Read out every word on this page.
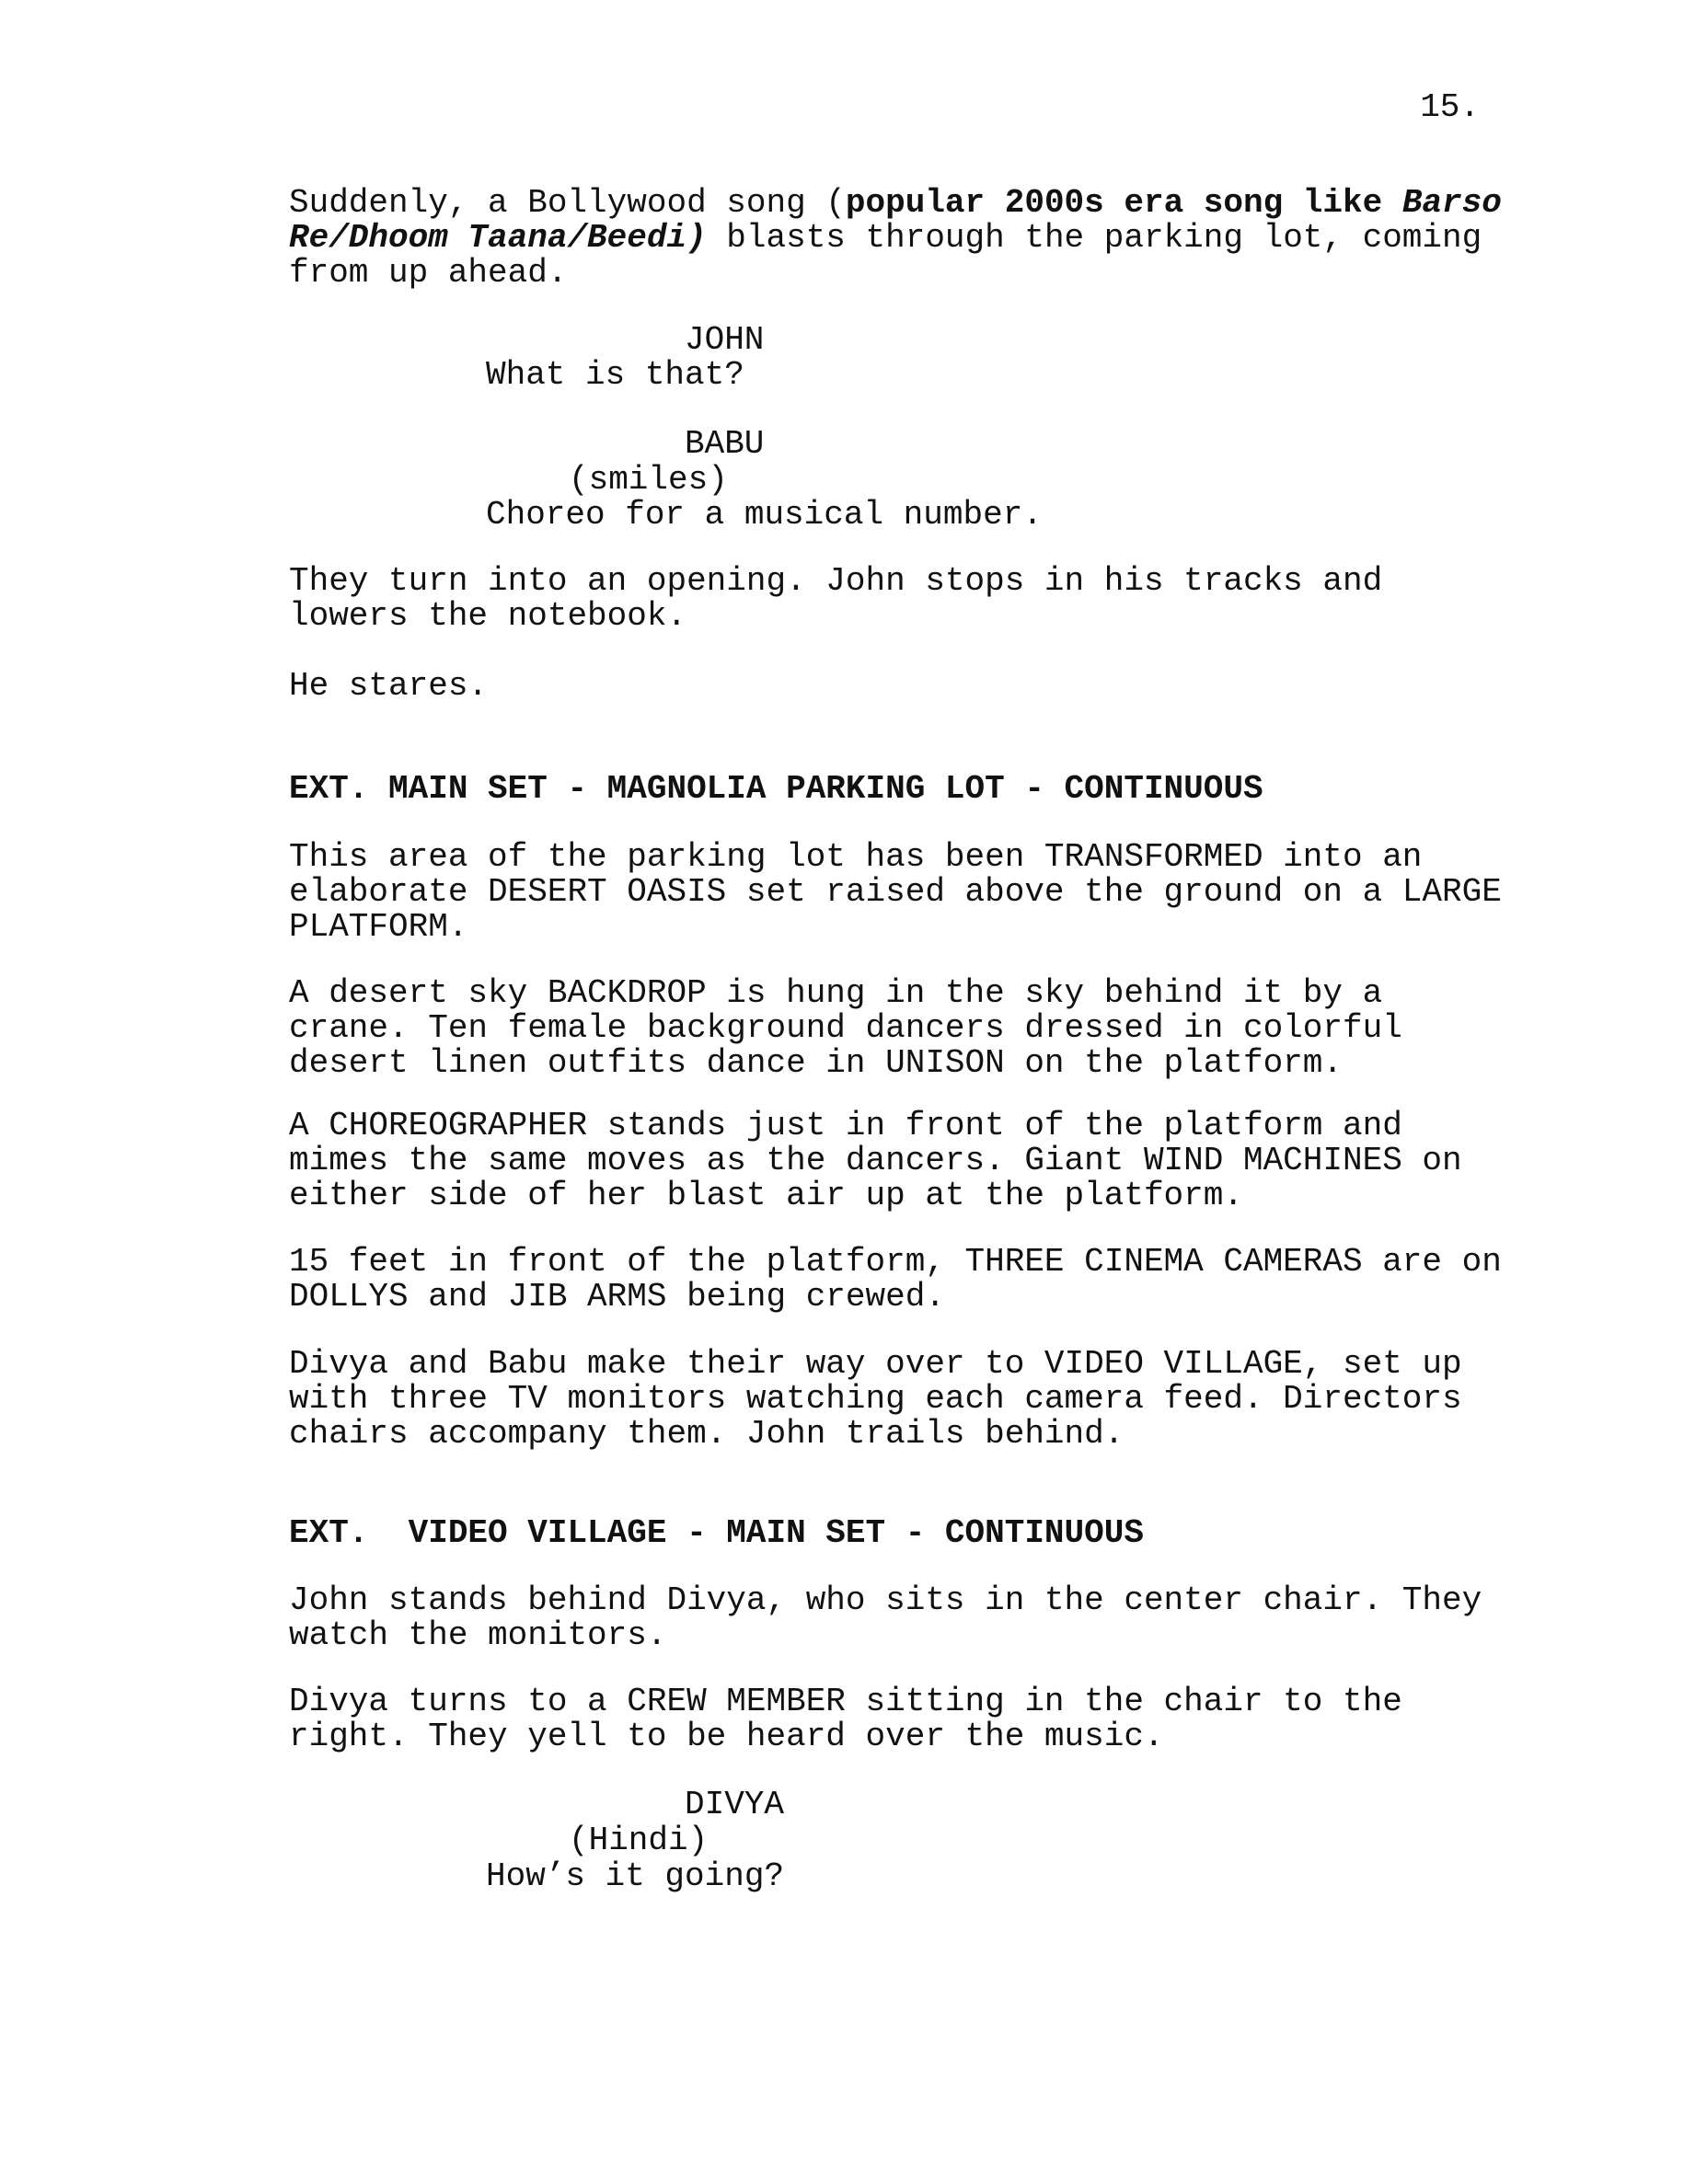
15.
Suddenly, a Bollywood song (popular 2000s era song like Barso
Re/Dhoom Taana/Beedi) blasts through the parking lot, coming
from up ahead.
JOHN
What is that?
BABU
(smiles)
Choreo for a musical number.
They turn into an opening. John stops in his tracks and
lowers the notebook.
He stares.
EXT. MAIN SET - MAGNOLIA PARKING LOT - CONTINUOUS
This area of the parking lot has been TRANSFORMED into an
elaborate DESERT OASIS set raised above the ground on a LARGE
PLATFORM.
A desert sky BACKDROP is hung in the sky behind it by a
crane. Ten female background dancers dressed in colorful
desert linen outfits dance in UNISON on the platform.
A CHOREOGRAPHER stands just in front of the platform and
mimes the same moves as the dancers. Giant WIND MACHINES on
either side of her blast air up at the platform.
15 feet in front of the platform, THREE CINEMA CAMERAS are on
DOLLYS and JIB ARMS being crewed.
Divya and Babu make their way over to VIDEO VILLAGE, set up
with three TV monitors watching each camera feed. Directors
chairs accompany them. John trails behind.
EXT.  VIDEO VILLAGE - MAIN SET - CONTINUOUS
John stands behind Divya, who sits in the center chair. They
watch the monitors.
Divya turns to a CREW MEMBER sitting in the chair to the
right. They yell to be heard over the music.
DIVYA
(Hindi)
How’s it going?
